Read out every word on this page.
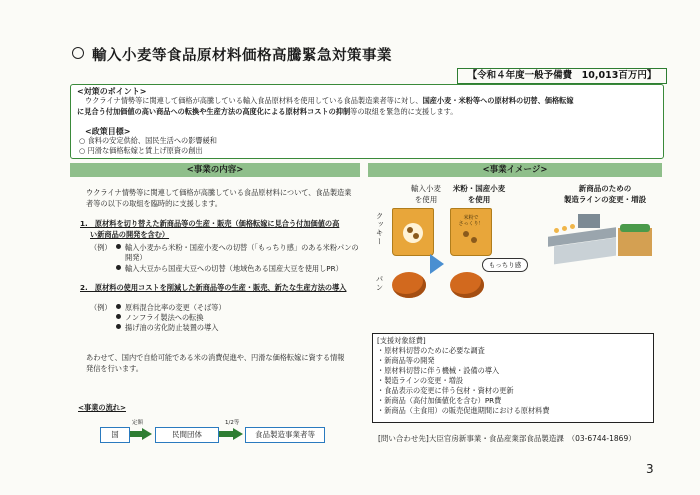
輸入小麦等食品原材料価格高騰緊急対策事業
【令和４年度一般予備費　10,013百万円】
<対策のポイント>
ウクライナ情勢等に関連して価格が高騰している輸入食品原材料を使用している食品製造業者等に対し、国産小麦・米粉等への原材料の切替、価格転嫁
に見合う付加価値の高い商品への転換や生産方法の高度化による原材料コストの抑制等の取組を緊急的に支援します。
<政策目標>
○ 食料の安定供給、国民生活への影響緩和
○ 円滑な価格転嫁と賃上げ原資の創出
<事業の内容>	<事業イメージ>
ウクライナ情勢等に関連して価格が高騰している食品原材料について、食品製造業
者等の以下の取組を臨時的に支援します。
1.　原材料を切り替えた新商品等の生産・販売（価格転嫁に見合う付加価値の高
い新商品の開発を含む）
（例）	輸入小麦から米粉・国産小麦への切替（「もっちり感」のある米粉パンの
開発）
輸入大豆から国産大豆への切替（地域色ある国産大豆を使用しPR）
2.　原材料の使用コストを削減した新商品等の生産・販売、新たな生産方法の導入
（例）	原料混合比率の変更（そば等）
ノンフライ製法への転換
揚げ油の劣化防止装置の導入
あわせて、国内で自給可能である米の消費促進や、円滑な価格転嫁に資する情報
発信を行います。
<事業の流れ>
国
定額
民間団体
1/2等
食品製造事業者等
輸入小麦
を使用
米粉・国産小麦
を使用
新商品のための
製造ラインの変更・増設
クッキー
パン
米粉で
さっくり！
もっちり感
[支援対象経費]
・原材料切替のために必要な調査
・新商品等の開発
・原材料切替に伴う機械・設備の導入
・製造ラインの変更・増設
・食品表示の変更に伴う包材・資材の更新
・新商品（高付加価値化を含む）PR費
・新商品（主食用）の販売促進期間における原材料費
[問い合わせ先]大臣官房新事業・食品産業部食品製造課　（03-6744-1869）
3
